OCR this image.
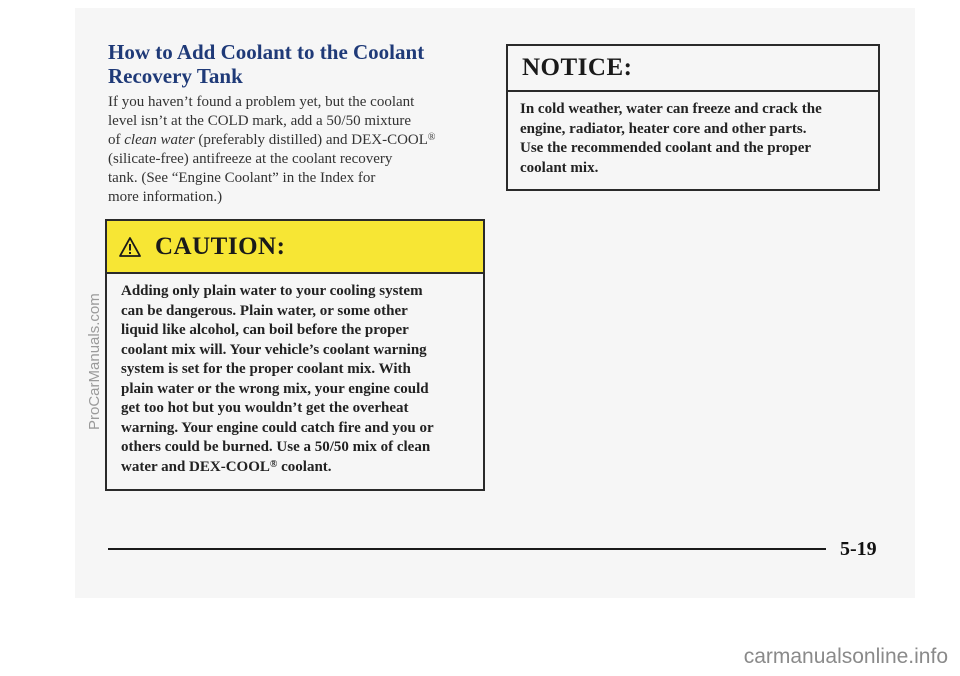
How to Add Coolant to the Coolant
Recovery Tank
If you haven’t found a problem yet, but the coolant
level isn’t at the COLD mark, add a 50/50 mixture
of clean water (preferably distilled) and DEX-COOL®
(silicate-free) antifreeze at the coolant recovery
tank. (See “Engine Coolant” in the Index for
more information.)
CAUTION:
Adding only plain water to your cooling system
can be dangerous. Plain water, or some other
liquid like alcohol, can boil before the proper
coolant mix will. Your vehicle’s coolant warning
system is set for the proper coolant mix. With
plain water or the wrong mix, your engine could
get too hot but you wouldn’t get the overheat
warning. Your engine could catch fire and you or
others could be burned. Use a 50/50 mix of clean
water and DEX-COOL® coolant.
NOTICE:
In cold weather, water can freeze and crack the
engine, radiator, heater core and other parts.
Use the recommended coolant and the proper
coolant mix.
5-19
ProCarManuals.com
carmanualsonline.info
